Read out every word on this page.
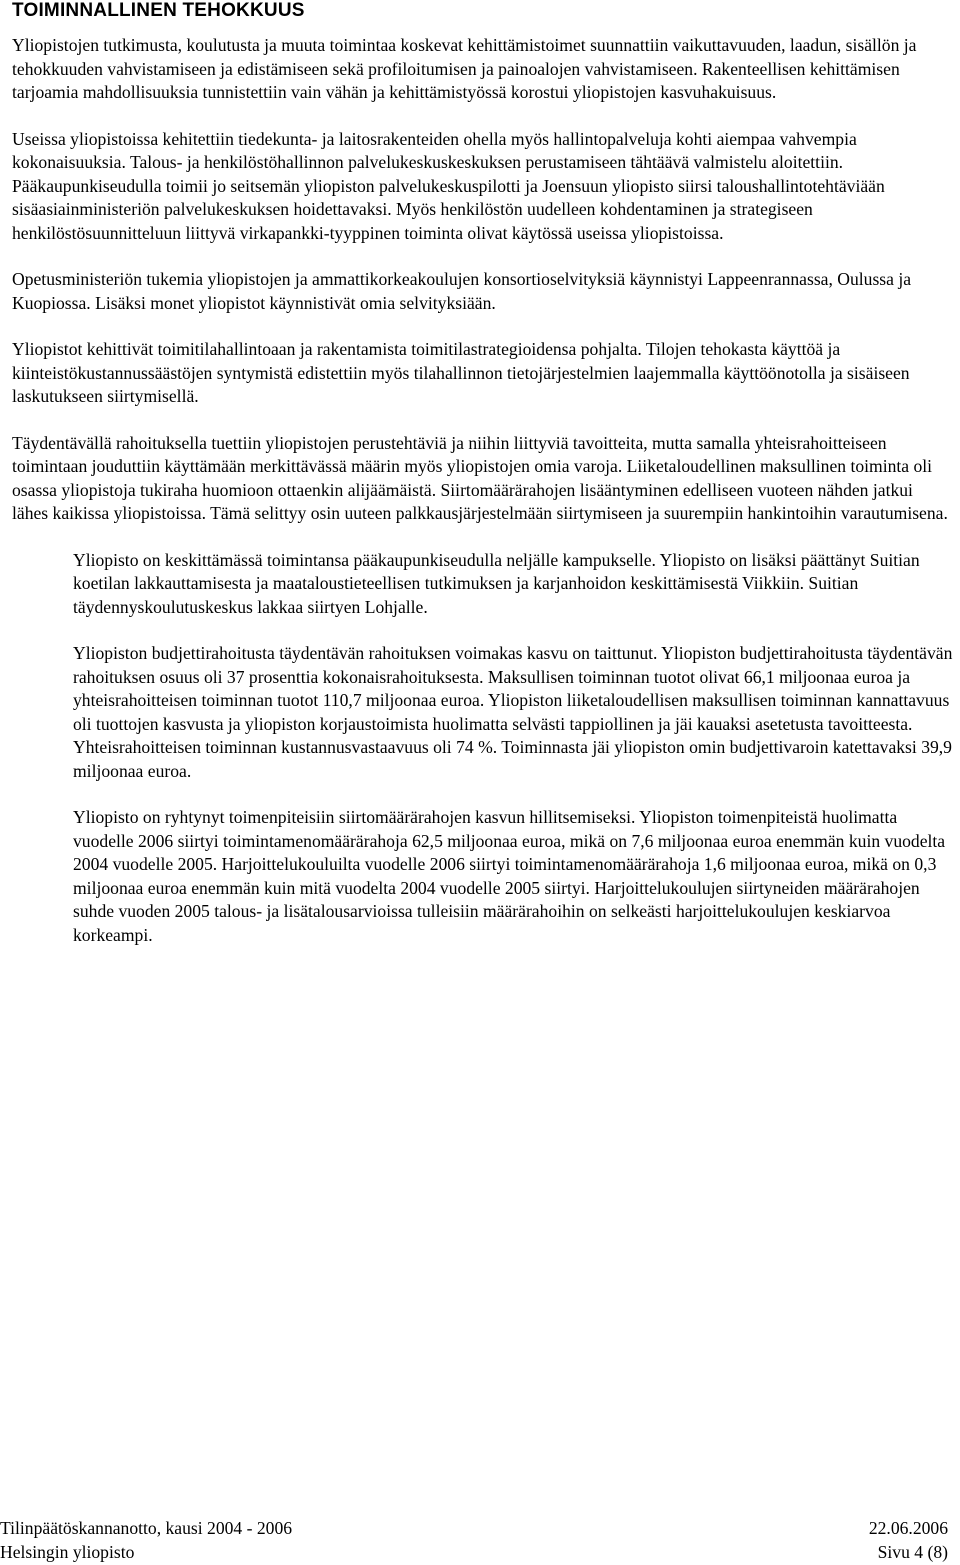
TOIMINNALLINEN TEHOKKUUS

Yliopistojen tutkimusta, koulutusta ja muuta toimintaa koskevat kehittämistoimet suunnattiin vaikuttavuuden, laadun, sisällön ja tehokkuuden vahvistamiseen ja edistämiseen sekä profiloitumisen ja painoalojen vahvistamiseen. Rakenteellisen kehittämisen tarjoamia mahdollisuuksia tunnistettiin vain vähän ja kehittämistyössä korostui yliopistojen kasvuhakuisuus.

Useissa yliopistoissa kehitettiin tiedekunta- ja laitosrakenteiden ohella myös hallintopalveluja kohti aiempaa vahvempia kokonaisuuksia. Talous- ja henkilöstöhallinnon palvelukeskuskeskuksen perustamiseen tähtäävä valmistelu aloitettiin. Pääkaupunkiseudulla toimii jo seitsemän yliopiston palvelukeskuspilotti ja Joensuun yliopisto siirsi taloushallintotehtäviään sisäasiainministeriön palvelukeskuksen hoidettavaksi. Myös henkilöstön uudelleen kohdentaminen ja strategiseen henkilöstösuunnitteluun liittyvä virkapankki-tyyppinen toiminta olivat käytössä useissa yliopistoissa.

Opetusministeriön tukemia yliopistojen ja ammattikorkeakoulujen konsortioselvityksiä käynnistyi Lappeenrannassa, Oulussa ja Kuopiossa. Lisäksi monet yliopistot käynnistivät omia selvityksiään.

Yliopistot kehittivät toimitilahallintoaan ja rakentamista toimitilastrategioidensa pohjalta. Tilojen tehokasta käyttöä ja kiinteistökustannussäästöjen syntymistä edistettiin myös tilahallinnon tietojärjestelmien laajemmalla käyttöönotolla ja sisäiseen laskutukseen siirtymisellä.

Täydentävällä rahoituksella tuettiin yliopistojen perustehtäviä ja niihin liittyviä tavoitteita, mutta samalla yhteisrahoitteiseen toimintaan jouduttiin käyttämään merkittävässä määrin myös yliopistojen omia varoja. Liiketaloudellinen maksullinen toiminta oli osassa yliopistoja tukiraha huomioon ottaenkin alijäämäistä. Siirtomäärärahojen lisääntyminen edelliseen vuoteen nähden jatkui lähes kaikissa yliopistoissa. Tämä selittyy osin uuteen palkkausjärjestelmään siirtymiseen ja suurempiin hankintoihin varautumisena.

Yliopisto on keskittämässä toimintansa pääkaupunkiseudulla neljälle kampukselle. Yliopisto on lisäksi päättänyt Suitian koetilan lakkauttamisesta ja maataloustieteellisen tutkimuksen ja karjanhoidon keskittämisestä Viikkiin. Suitian täydennyskoulutuskeskus lakkaa siirtyen Lohjalle.

Yliopiston budjettirahoitusta täydentävän rahoituksen voimakas kasvu on taittunut. Yliopiston budjettirahoitusta täydentävän rahoituksen osuus oli 37 prosenttia kokonaisrahoituksesta. Maksullisen toiminnan tuotot olivat 66,1 miljoonaa euroa ja yhteisrahoitteisen toiminnan tuotot 110,7 miljoonaa euroa. Yliopiston liiketaloudellisen maksullisen toiminnan kannattavuus oli tuottojen kasvusta ja yliopiston korjaustoimista huolimatta selvästi tappiollinen ja jäi kauaksi asetetusta tavoitteesta. Yhteisrahoitteisen toiminnan kustannusvastaavuus oli 74 %. Toiminnasta jäi yliopiston omin budjettivaroin katettavaksi 39,9 miljoonaa euroa.

Yliopisto on ryhtynyt toimenpiteisiin siirtomäärärahojen kasvun hillitsemiseksi. Yliopiston toimenpiteistä huolimatta vuodelle 2006 siirtyi toimintamenomäärärahoja 62,5 miljoonaa euroa, mikä on 7,6 miljoonaa euroa enemmän kuin vuodelta 2004 vuodelle 2005. Harjoittelukouluilta vuodelle 2006 siirtyi toimintamenomäärärahoja 1,6 miljoonaa euroa, mikä on 0,3 miljoonaa euroa enemmän kuin mitä vuodelta 2004 vuodelle 2005 siirtyi. Harjoittelukoulujen siirtyneiden määrärahojen suhde vuoden 2005 talous- ja lisätalousarvioissa tulleisiin määrärahoihin on selkeästi harjoittelukoulujen keskiarvoa korkeampi.

Tilinpäätöskannanotto, kausi 2004 - 2006	22.06.2006
Helsingin yliopisto	Sivu 4 (8)
